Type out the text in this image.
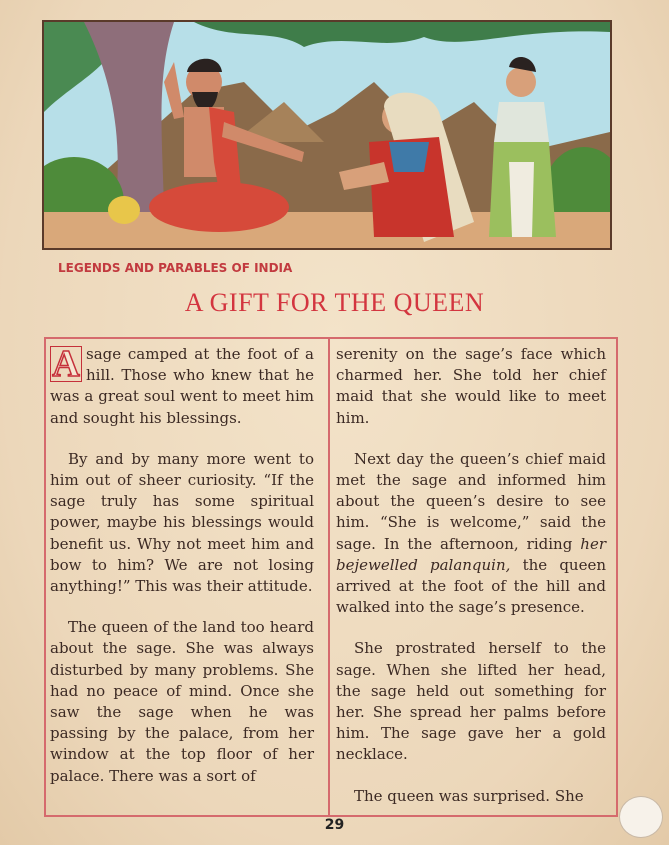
LEGENDS AND PARABLES OF INDIA
A GIFT FOR THE QUEEN

A sage camped at the foot of a hill. Those who knew that he was a great soul went to meet him and sought his blessings.

By and by many more went to him out of sheer curiosity. “If the sage truly has some spiritual power, maybe his blessings would benefit us. Why not meet him and bow to him? We are not losing anything!” This was their attitude.

The queen of the land too heard about the sage. She was always disturbed by many problems. She had no peace of mind. Once she saw the sage when he was passing by the palace, from her window at the top floor of her palace. There was a sort of

serenity on the sage’s face which charmed her. She told her chief maid that she would like to meet him.

Next day the queen’s chief maid met the sage and informed him about the queen’s desire to see him. “She is welcome,” said the sage. In the afternoon, riding her bejewelled palanquin, the queen arrived at the foot of the hill and walked into the sage’s presence.

She prostrated herself to the sage. When she lifted her head, the sage held out something for her. She spread her palms before him. The sage gave her a gold necklace.

The queen was surprised. She

29
